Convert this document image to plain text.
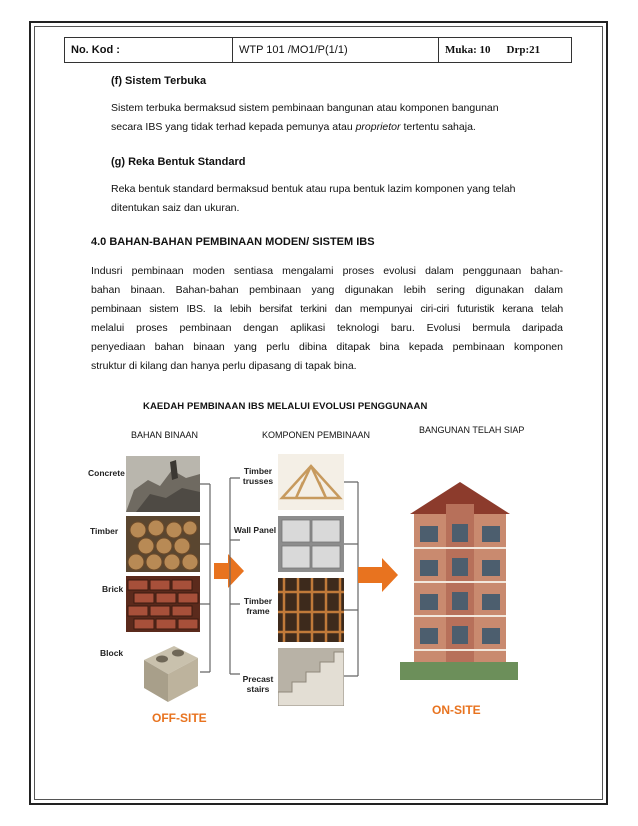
No. Kod :	WTP 101 /MO1/P(1/1)	Muka: 10 Drp:21
(f) Sistem Terbuka
Sistem terbuka bermaksud sistem pembinaan bangunan atau komponen bangunan
secara IBS yang tidak terhad kepada pemunya atau proprietor tertentu sahaja.
(g) Reka Bentuk Standard
Reka bentuk standard bermaksud bentuk atau rupa bentuk lazim komponen yang telah
ditentukan saiz dan ukuran.
4.0 BAHAN-BAHAN PEMBINAAN MODEN/ SISTEM IBS
Indusri pembinaan moden sentiasa mengalami proses evolusi dalam penggunaan bahan-
bahan binaan. Bahan-bahan pembinaan yang digunakan lebih sering digunakan dalam
pembinaan sistem IBS. Ia lebih bersifat terkini dan mempunyai ciri-ciri futuristik kerana telah
melalui proses pembinaan dengan aplikasi teknologi baru. Evolusi bermula daripada
penyediaan bahan binaan yang perlu dibina ditapak bina kepada pembinaan komponen
struktur di kilang dan hanya perlu dipasang di tapak bina.
KAEDAH PEMBINAAN IBS MELALUI EVOLUSI PENGGUNAAN
BAHAN BINAAN	KOMPONEN PEMBINAAN	BANGUNAN TELAH SIAP
Concrete
Timber
Brick
Block
Timber trusses
Wall Panel
Timber frame
Precast stairs
OFF-SITE
ON-SITE
